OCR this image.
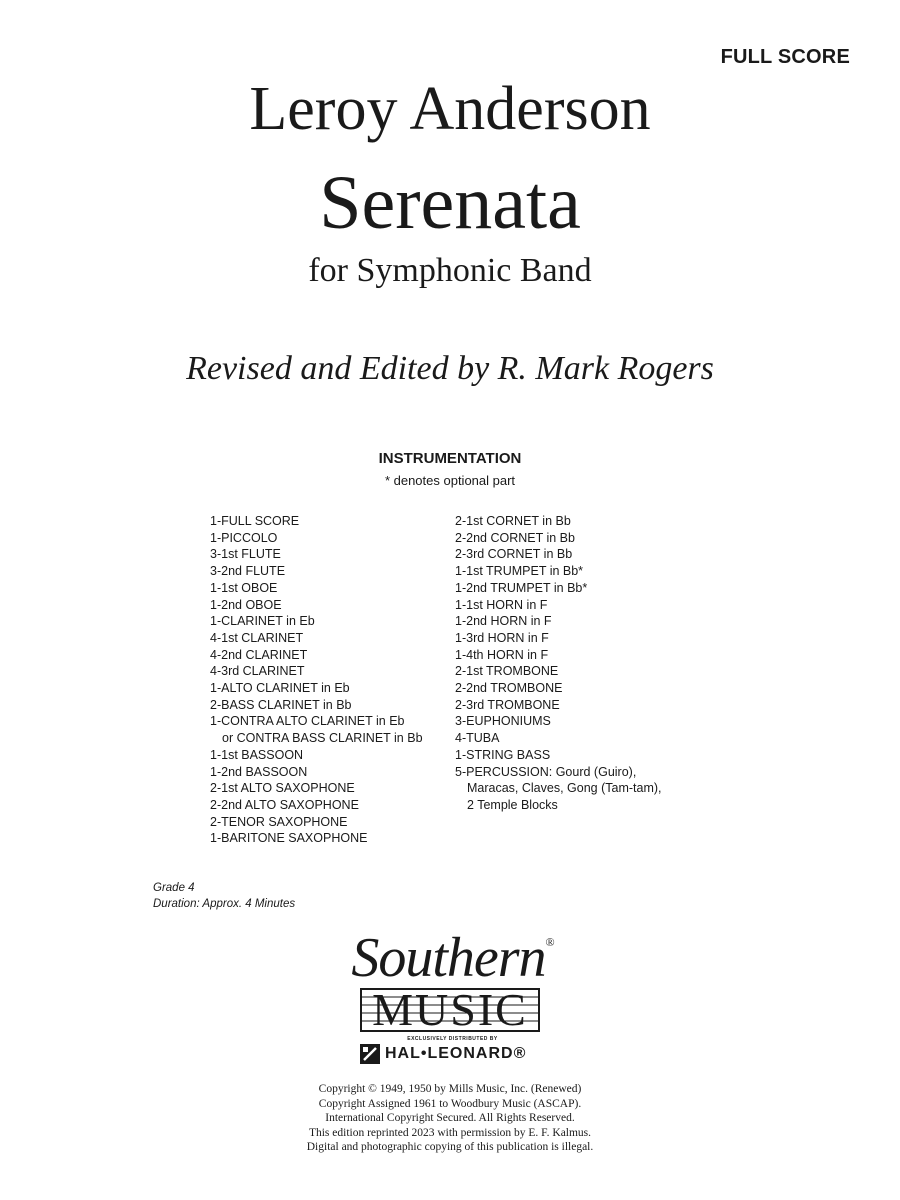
FULL SCORE
Leroy Anderson
Serenata
for Symphonic Band
Revised and Edited by R. Mark Rogers
INSTRUMENTATION
* denotes optional part
1-FULL SCORE
1-PICCOLO
3-1st FLUTE
3-2nd FLUTE
1-1st OBOE
1-2nd OBOE
1-CLARINET in Eb
4-1st CLARINET
4-2nd CLARINET
4-3rd CLARINET
1-ALTO CLARINET in Eb
2-BASS CLARINET in Bb
1-CONTRA ALTO CLARINET in Eb
or CONTRA BASS CLARINET in Bb
1-1st BASSOON
1-2nd BASSOON
2-1st ALTO SAXOPHONE
2-2nd ALTO SAXOPHONE
2-TENOR SAXOPHONE
1-BARITONE SAXOPHONE
2-1st CORNET in Bb
2-2nd CORNET in Bb
2-3rd CORNET in Bb
1-1st TRUMPET in Bb*
1-2nd TRUMPET in Bb*
1-1st HORN in F
1-2nd HORN in F
1-3rd HORN in F
1-4th HORN in F
2-1st TROMBONE
2-2nd TROMBONE
2-3rd TROMBONE
3-EUPHONIUMS
4-TUBA
1-STRING BASS
5-PERCUSSION: Gourd (Guiro),
Maracas, Claves, Gong (Tam-tam),
2 Temple Blocks
Grade 4
Duration: Approx. 4 Minutes
Southern®
MUSIC
EXCLUSIVELY DISTRIBUTED BY
HAL•LEONARD®
Copyright © 1949, 1950 by Mills Music, Inc. (Renewed)
Copyright Assigned 1961 to Woodbury Music (ASCAP).
International Copyright Secured. All Rights Reserved.
This edition reprinted 2023 with permission by E. F. Kalmus.
Digital and photographic copying of this publication is illegal.
